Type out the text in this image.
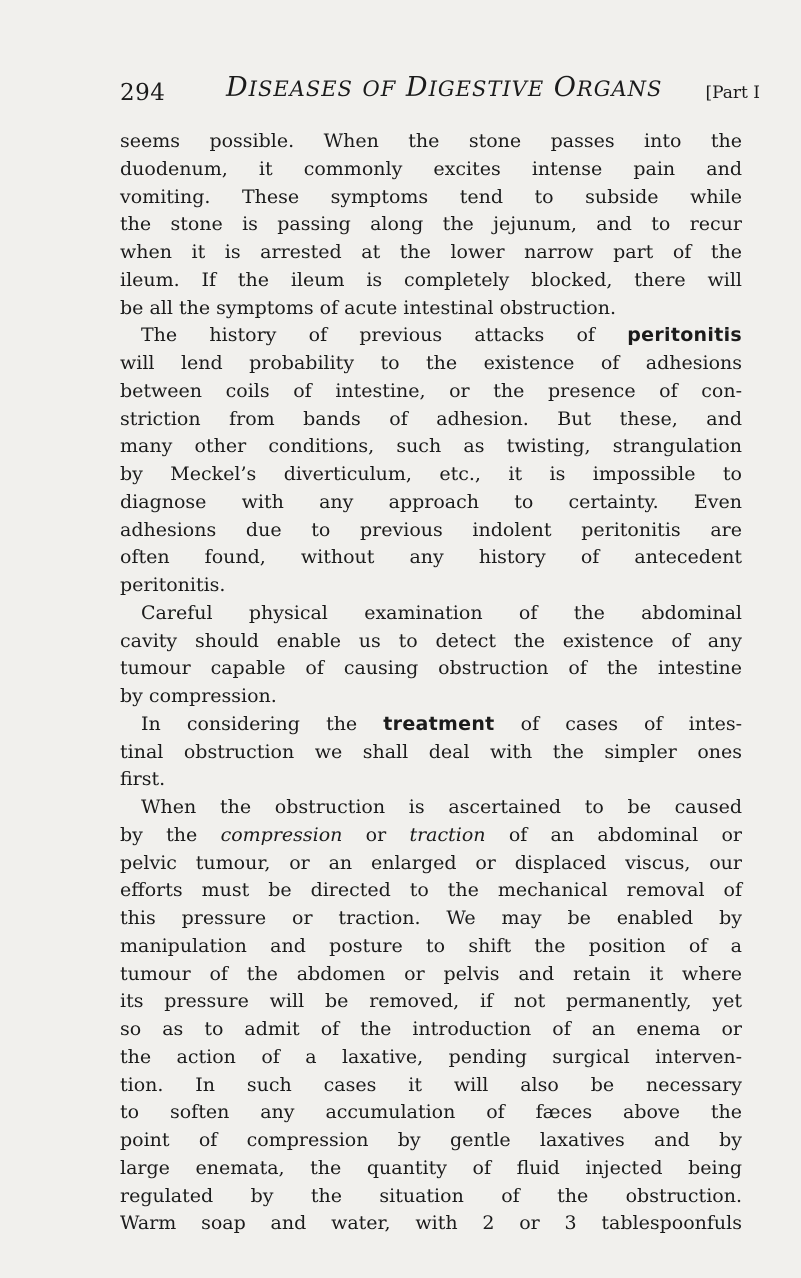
294 DISEASES OF DIGESTIVE ORGANS	[Part I
seems possible. When the stone passes into the
duodenum, it commonly excites intense pain and
vomiting. These symptoms tend to subside while
the stone is passing along the jejunum, and to recur
when it is arrested at the lower narrow part of the
ileum. If the ileum is completely blocked, there will
be all the symptoms of acute intestinal obstruction.
The history of previous attacks of peritonitis
will lend probability to the existence of adhesions
between coils of intestine, or the presence of con-
striction from bands of adhesion. But these, and
many other conditions, such as twisting, strangulation
by Meckel’s diverticulum, etc., it is impossible to
diagnose with any approach to certainty. Even
adhesions due to previous indolent peritonitis are
often found, without any history of antecedent
peritonitis.
Careful physical examination of the abdominal
cavity should enable us to detect the existence of any
tumour capable of causing obstruction of the intestine
by compression.
In considering the treatment of cases of intes-
tinal obstruction we shall deal with the simpler ones
first.
When the obstruction is ascertained to be caused
by the compression or traction of an abdominal or
pelvic tumour, or an enlarged or displaced viscus, our
efforts must be directed to the mechanical removal of
this pressure or traction. We may be enabled by
manipulation and posture to shift the position of a
tumour of the abdomen or pelvis and retain it where
its pressure will be removed, if not permanently, yet
so as to admit of the introduction of an enema or
the action of a laxative, pending surgical interven-
tion. In such cases it will also be necessary
to soften any accumulation of fæces above the
point of compression by gentle laxatives and by
large enemata, the quantity of fluid injected being
regulated by the situation of the obstruction.
Warm soap and water, with 2 or 3 tablespoonfuls
